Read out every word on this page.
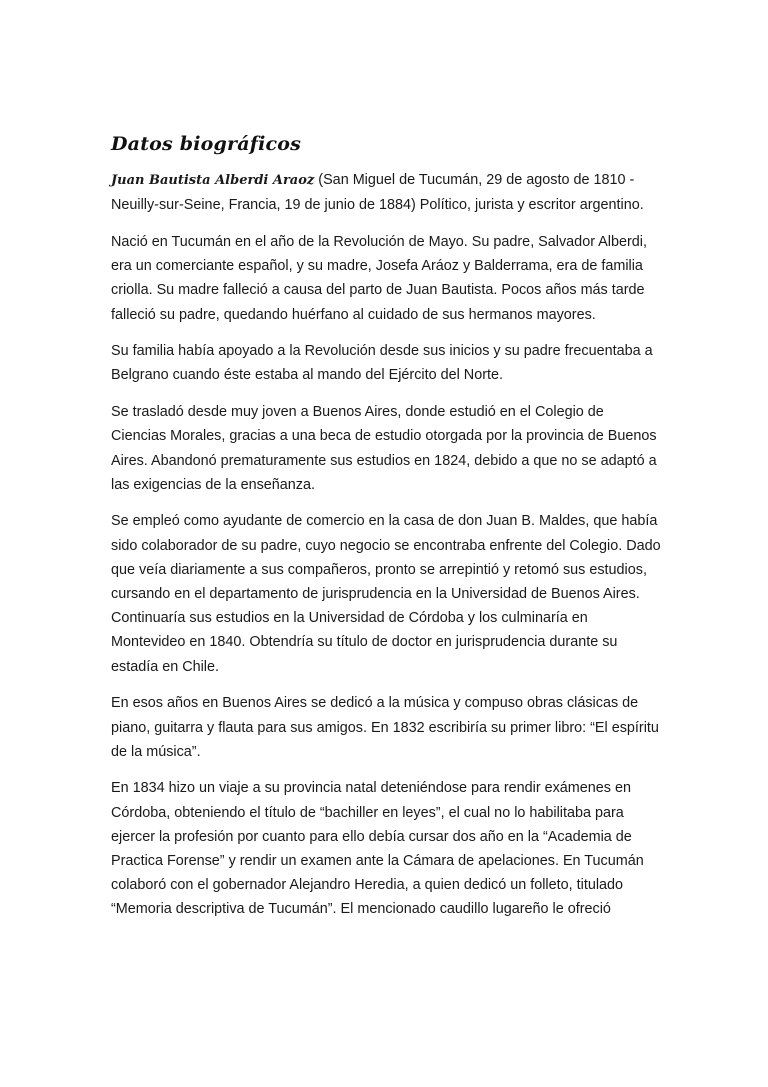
Datos biográficos

Juan Bautista Alberdi Araoz (San Miguel de Tucumán, 29 de agosto de 1810 -
Neuilly-sur-Seine, Francia, 19 de junio de 1884) Político, jurista y escritor argentino.

Nació en Tucumán en el año de la Revolución de Mayo. Su padre, Salvador Alberdi,
era un comerciante español, y su madre, Josefa Aráoz y Balderrama, era de familia
criolla. Su madre falleció a causa del parto de Juan Bautista. Pocos años más tarde
falleció su padre, quedando huérfano al cuidado de sus hermanos mayores.

Su familia había apoyado a la Revolución desde sus inicios y su padre frecuentaba a
Belgrano cuando éste estaba al mando del Ejército del Norte.

Se trasladó desde muy joven a Buenos Aires, donde estudió en el Colegio de
Ciencias Morales, gracias a una beca de estudio otorgada por la provincia de Buenos
Aires. Abandonó prematuramente sus estudios en 1824, debido a que no se adaptó a
las exigencias de la enseñanza.

Se empleó como ayudante de comercio en la casa de don Juan B. Maldes, que había
sido colaborador de su padre, cuyo negocio se encontraba enfrente del Colegio. Dado
que veía diariamente a sus compañeros, pronto se arrepintió y retomó sus estudios,
cursando en el departamento de jurisprudencia en la Universidad de Buenos Aires.
Continuaría sus estudios en la Universidad de Córdoba y los culminaría en
Montevideo en 1840. Obtendría su título de doctor en jurisprudencia durante su
estadía en Chile.

En esos años en Buenos Aires se dedicó a la música y compuso obras clásicas de
piano, guitarra y flauta para sus amigos. En 1832 escribiría su primer libro: “El espíritu
de la música”.

En 1834 hizo un viaje a su provincia natal deteniéndose para rendir exámenes en
Córdoba, obteniendo el título de “bachiller en leyes”, el cual no lo habilitaba para
ejercer la profesión por cuanto para ello debía cursar dos año en la “Academia de
Practica Forense” y rendir un examen ante la Cámara de apelaciones. En Tucumán
colaboró con el gobernador Alejandro Heredia, a quien dedicó un folleto, titulado
“Memoria descriptiva de Tucumán”. El mencionado caudillo lugareño le ofreció
